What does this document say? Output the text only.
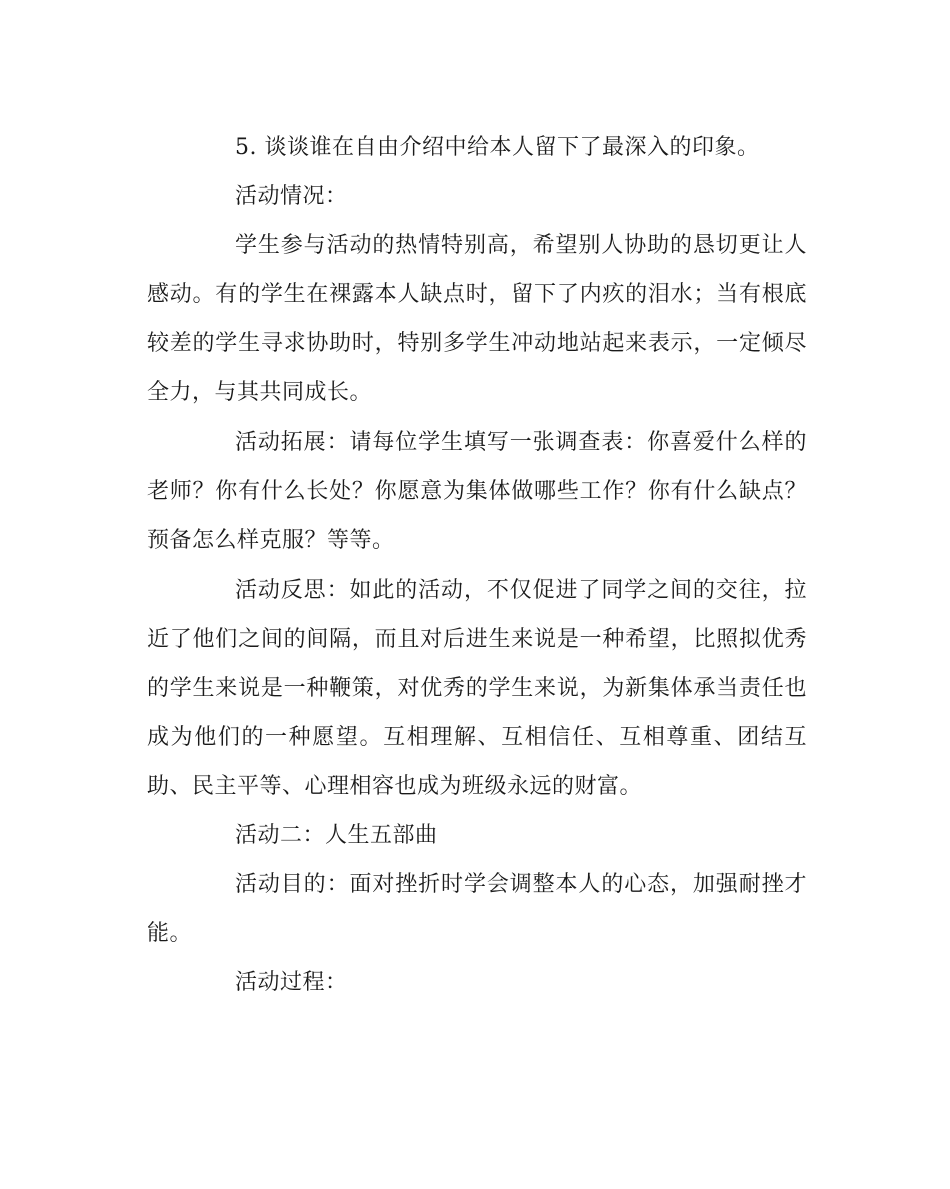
5. 谈谈谁在自由介绍中给本人留下了最深入的印象。

活动情况：

学生参与活动的热情特别高，希望别人协助的恳切更让人感动。有的学生在裸露本人缺点时，留下了内疚的泪水；当有根底较差的学生寻求协助时，特别多学生冲动地站起来表示，一定倾尽全力，与其共同成长。

活动拓展：请每位学生填写一张调查表：你喜爱什么样的老师？你有什么长处？你愿意为集体做哪些工作？你有什么缺点？预备怎么样克服？等等。

活动反思：如此的活动，不仅促进了同学之间的交往，拉近了他们之间的间隔，而且对后进生来说是一种希望，比照拟优秀的学生来说是一种鞭策，对优秀的学生来说，为新集体承当责任也成为他们的一种愿望。互相理解、互相信任、互相尊重、团结互助、民主平等、心理相容也成为班级永远的财富。

活动二：人生五部曲

活动目的：面对挫折时学会调整本人的心态，加强耐挫才能。

活动过程：
